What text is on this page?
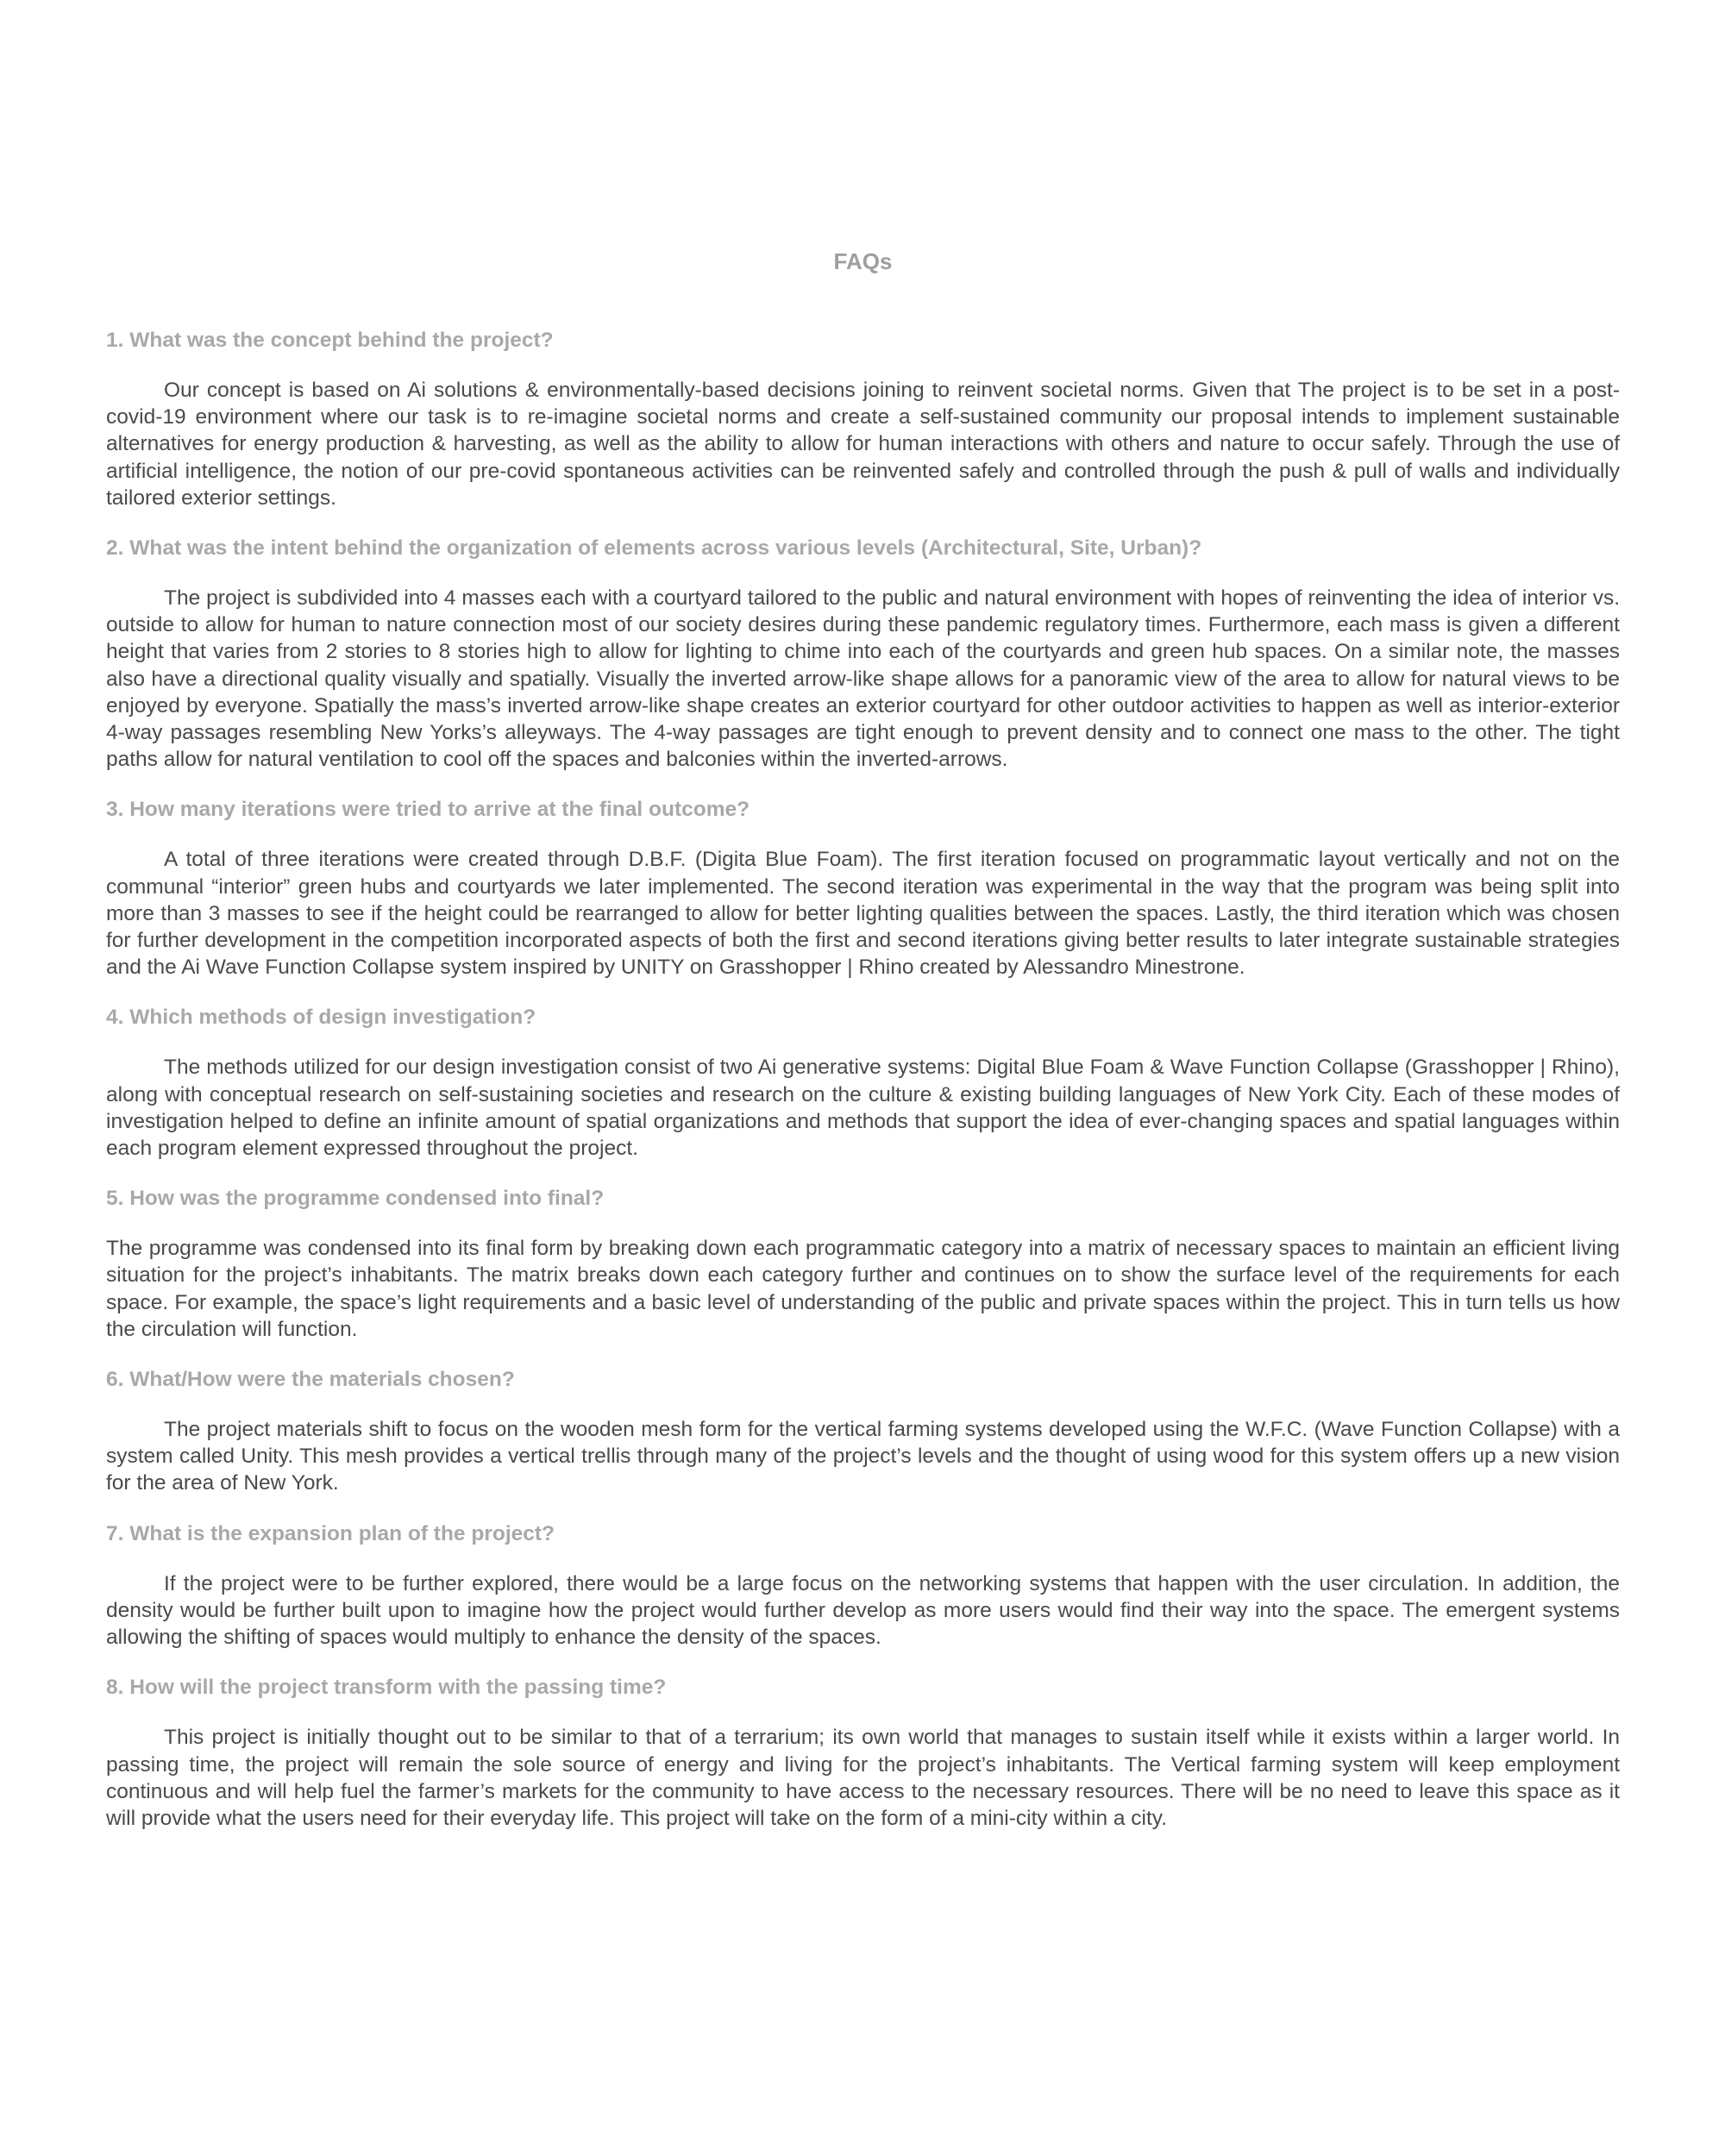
FAQs
1. What was the concept behind the project?

Our concept is based on Ai solutions & environmentally-based decisions joining to reinvent societal norms. Given that The project is to be set in a post-covid-19 environment where our task is to re-imagine societal norms and create a self-sustained community our proposal intends to implement sustainable alternatives for energy production & harvesting, as well as the ability to allow for human interactions with others and nature to occur safely. Through the use of artificial intelligence, the notion of our pre-covid spontaneous activities can be reinvented safely and controlled through the push & pull of walls and individually tailored exterior settings.

2. What was the intent behind the organization of elements across various levels (Architectural, Site, Urban)?

The project is subdivided into 4 masses each with a courtyard tailored to the public and natural environment with hopes of reinventing the idea of interior vs. outside to allow for human to nature connection most of our society desires during these pandemic regulatory times. Furthermore, each mass is given a different height that varies from 2 stories to 8 stories high to allow for lighting to chime into each of the courtyards and green hub spaces. On a similar note, the masses also have a directional quality visually and spatially. Visually the inverted arrow-like shape allows for a panoramic view of the area to allow for natural views to be enjoyed by everyone. Spatially the mass’s inverted arrow-like shape creates an exterior courtyard for other outdoor activities to happen as well as interior-exterior 4-way passages resembling New Yorks’s alleyways. The 4-way passages are tight enough to prevent density and to connect one mass to the other. The tight paths allow for natural ventilation to cool off the spaces and balconies within the inverted-arrows.

3. How many iterations were tried to arrive at the final outcome?

A total of three iterations were created through D.B.F. (Digita Blue Foam). The first iteration focused on programmatic layout vertically and not on the communal “interior” green hubs and courtyards we later implemented. The second iteration was experimental in the way that the program was being split into more than 3 masses to see if the height could be rearranged to allow for better lighting qualities between the spaces. Lastly, the third iteration which was chosen for further development in the competition incorporated aspects of both the first and second iterations giving better results to later integrate sustainable strategies and the Ai Wave Function Collapse system inspired by UNITY on Grasshopper | Rhino created by Alessandro Minestrone.

4. Which methods of design investigation?

The methods utilized for our design investigation consist of two Ai generative systems: Digital Blue Foam & Wave Function Collapse (Grasshopper | Rhino), along with conceptual research on self-sustaining societies and research on the culture & existing building languages of New York City. Each of these modes of investigation helped to define an infinite amount of spatial organizations and methods that support the idea of ever-changing spaces and spatial languages within each program element expressed throughout the project.

5. How was the programme condensed into final?

The programme was condensed into its final form by breaking down each programmatic category into a matrix of necessary spaces to maintain an efficient living situation for the project’s inhabitants. The matrix breaks down each category further and continues on to show the surface level of the requirements for each space. For example, the space’s light requirements and a basic level of understanding of the public and private spaces within the project. This in turn tells us how the circulation will function.

6. What/How were the materials chosen?

The project materials shift to focus on the wooden mesh form for the vertical farming systems developed using the W.F.C. (Wave Function Collapse) with a system called Unity. This mesh provides a vertical trellis through many of the project’s levels and the thought of using wood for this system offers up a new vision for the area of New York.

7. What is the expansion plan of the project?

If the project were to be further explored, there would be a large focus on the networking systems that happen with the user circulation. In addition, the density would be further built upon to imagine how the project would further develop as more users would find their way into the space. The emergent systems allowing the shifting of spaces would multiply to enhance the density of the spaces.

8. How will the project transform with the passing time?

This project is initially thought out to be similar to that of a terrarium; its own world that manages to sustain itself while it exists within a larger world. In passing time, the project will remain the sole source of energy and living for the project’s inhabitants. The Vertical farming system will keep employment continuous and will help fuel the farmer’s markets for the community to have access to the necessary resources. There will be no need to leave this space as it will provide what the users need for their everyday life. This project will take on the form of a mini-city within a city.
